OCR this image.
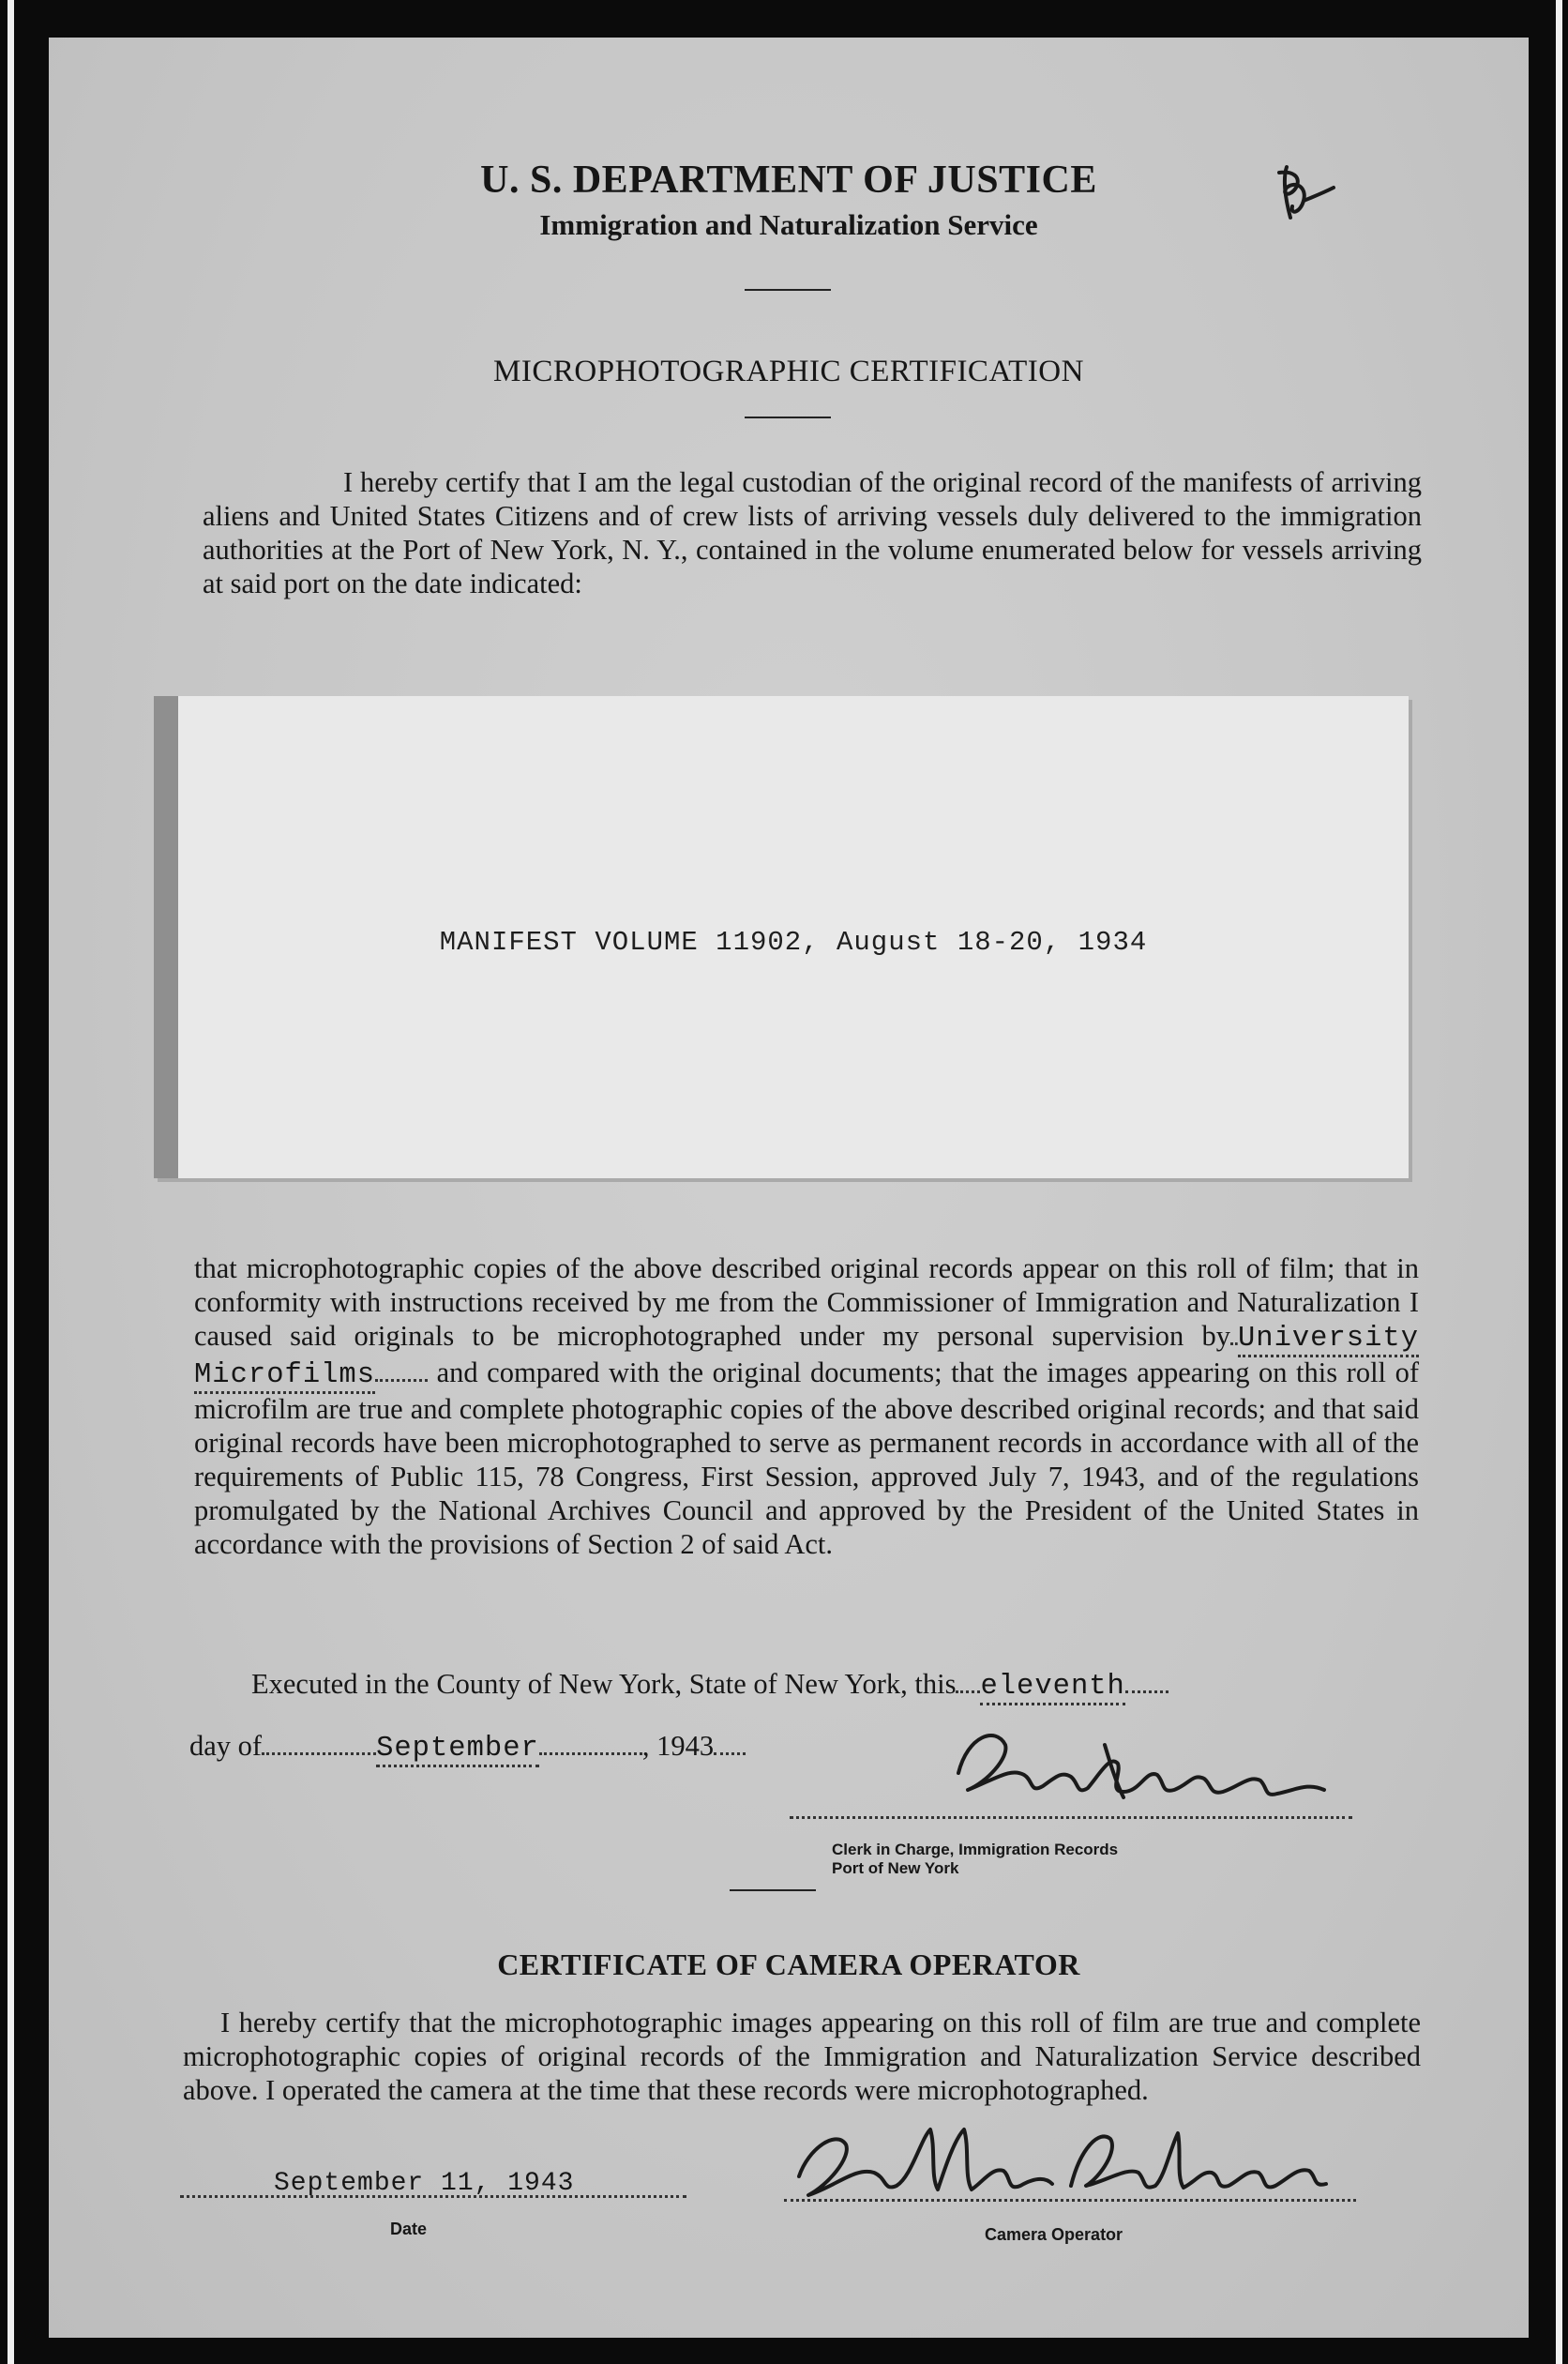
U. S. DEPARTMENT OF JUSTICE
Immigration and Naturalization Service
MICROPHOTOGRAPHIC CERTIFICATION
I hereby certify that I am the legal custodian of the original record of the manifests of arriving aliens and United States Citizens and of crew lists of arriving vessels duly delivered to the immigration authorities at the Port of New York, N. Y., contained in the volume enumerated below for vessels arriving at said port on the date indicated:
MANIFEST VOLUME 11902, August 18-20, 1934
that microphotographic copies of the above described original records appear on this roll of film; that in conformity with instructions received by me from the Commissioner of Immigration and Naturalization I caused said originals to be microphotographed under my personal supervision by University Microfilms and compared with the original documents; that the images appearing on this roll of microfilm are true and complete photographic copies of the above described original records; and that said original records have been microphotographed to serve as permanent records in accordance with all of the requirements of Public 115, 78 Congress, First Session, approved July 7, 1943, and of the regulations promulgated by the National Archives Council and approved by the President of the United States in accordance with the provisions of Section 2 of said Act.
Executed in the County of New York, State of New York, this eleventh
day of	September	, 1943
Clerk in Charge, Immigration Records
Port of New York
CERTIFICATE OF CAMERA OPERATOR
I hereby certify that the microphotographic images appearing on this roll of film are true and complete microphotographic copies of original records of the Immigration and Naturalization Service described above. I operated the camera at the time that these records were microphotographed.
September 11, 1943
Date	Camera Operator
